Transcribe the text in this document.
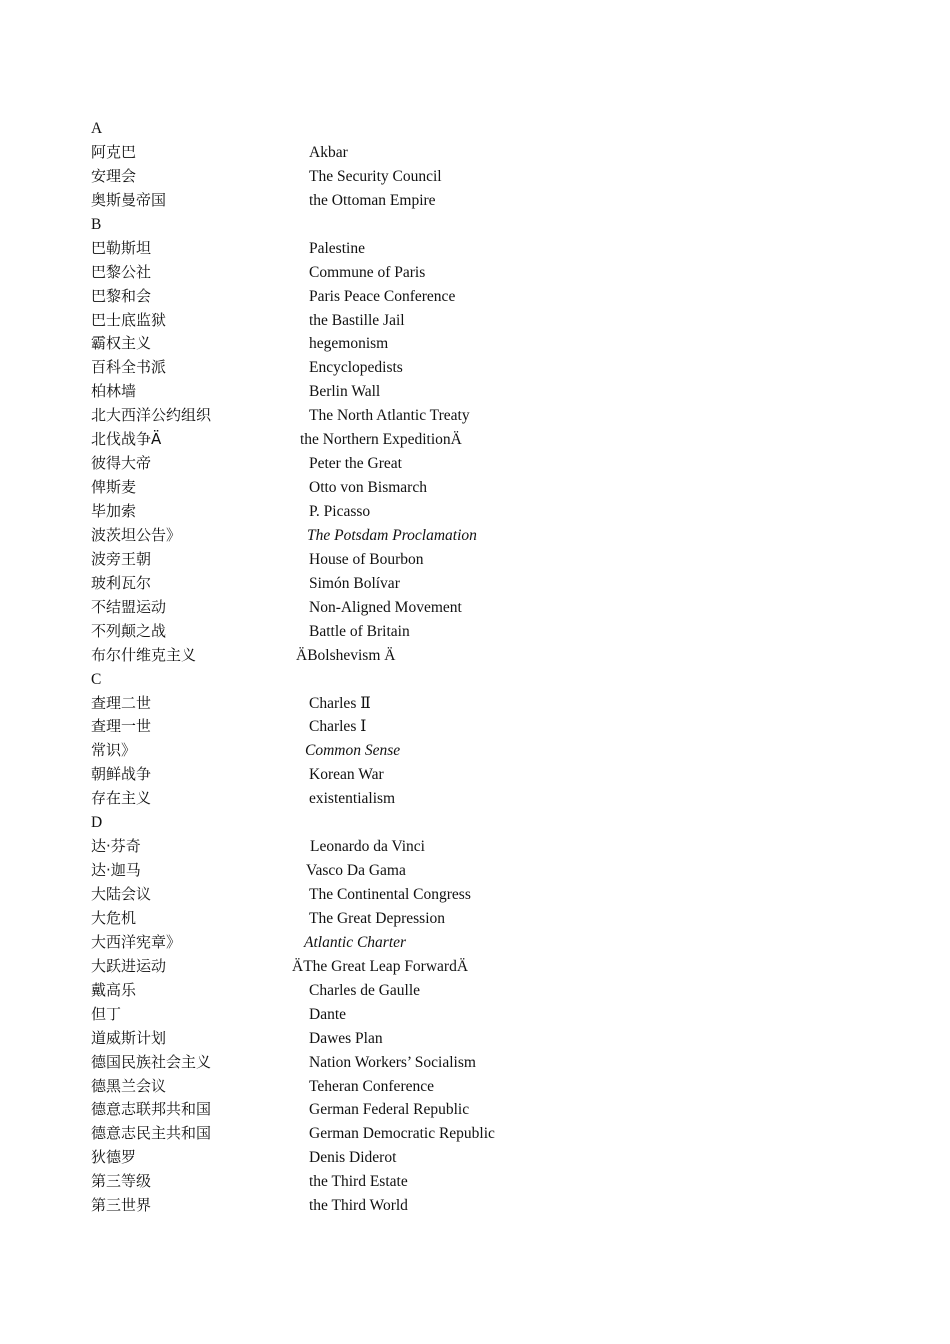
A
阿克巴	Akbar
安理会	The Security Council
奥斯曼帝国	the Ottoman Empire
B
巴勒斯坦	Palestine
巴黎公社	Commune of Paris
巴黎和会	Paris Peace Conference
巴士底监狱	the Bastille Jail
霸权主义	hegemonism
百科全书派	Encyclopedists
柏林墙	Berlin Wall
北大西洋公约组织	The North Atlantic Treaty
北伐战争Ä	the Northern ExpeditionÄ
彼得大帝	Peter the Great
俾斯麦	Otto von Bismarch
毕加索	P. Picasso
波茨坦公告》	The Potsdam Proclamation
波旁王朝	House of Bourbon
玻利瓦尔	Simón Bolívar
不结盟运动	Non-Aligned Movement
不列颠之战	Battle of Britain
布尔什维克主义	ÄBolshevism Ä
C
查理二世	Charles Ⅱ
查理一世	Charles Ⅰ
常识》	Common Sense
朝鲜战争	Korean War
存在主义	existentialism
D
达·芬奇	Leonardo da Vinci
达·迦马	Vasco Da Gama
大陆会议	The Continental Congress
大危机	The Great Depression
大西洋宪章》	Atlantic Charter
大跃进运动	ÄThe Great Leap ForwardÄ
戴高乐	Charles de Gaulle
但丁	Dante
道威斯计划	Dawes Plan
德国民族社会主义	Nation Workers’ Socialism
德黑兰会议	Teheran Conference
德意志联邦共和国	German Federal Republic
德意志民主共和国	German Democratic Republic
狄德罗	Denis Diderot
第三等级	the Third Estate
第三世界	the Third World
